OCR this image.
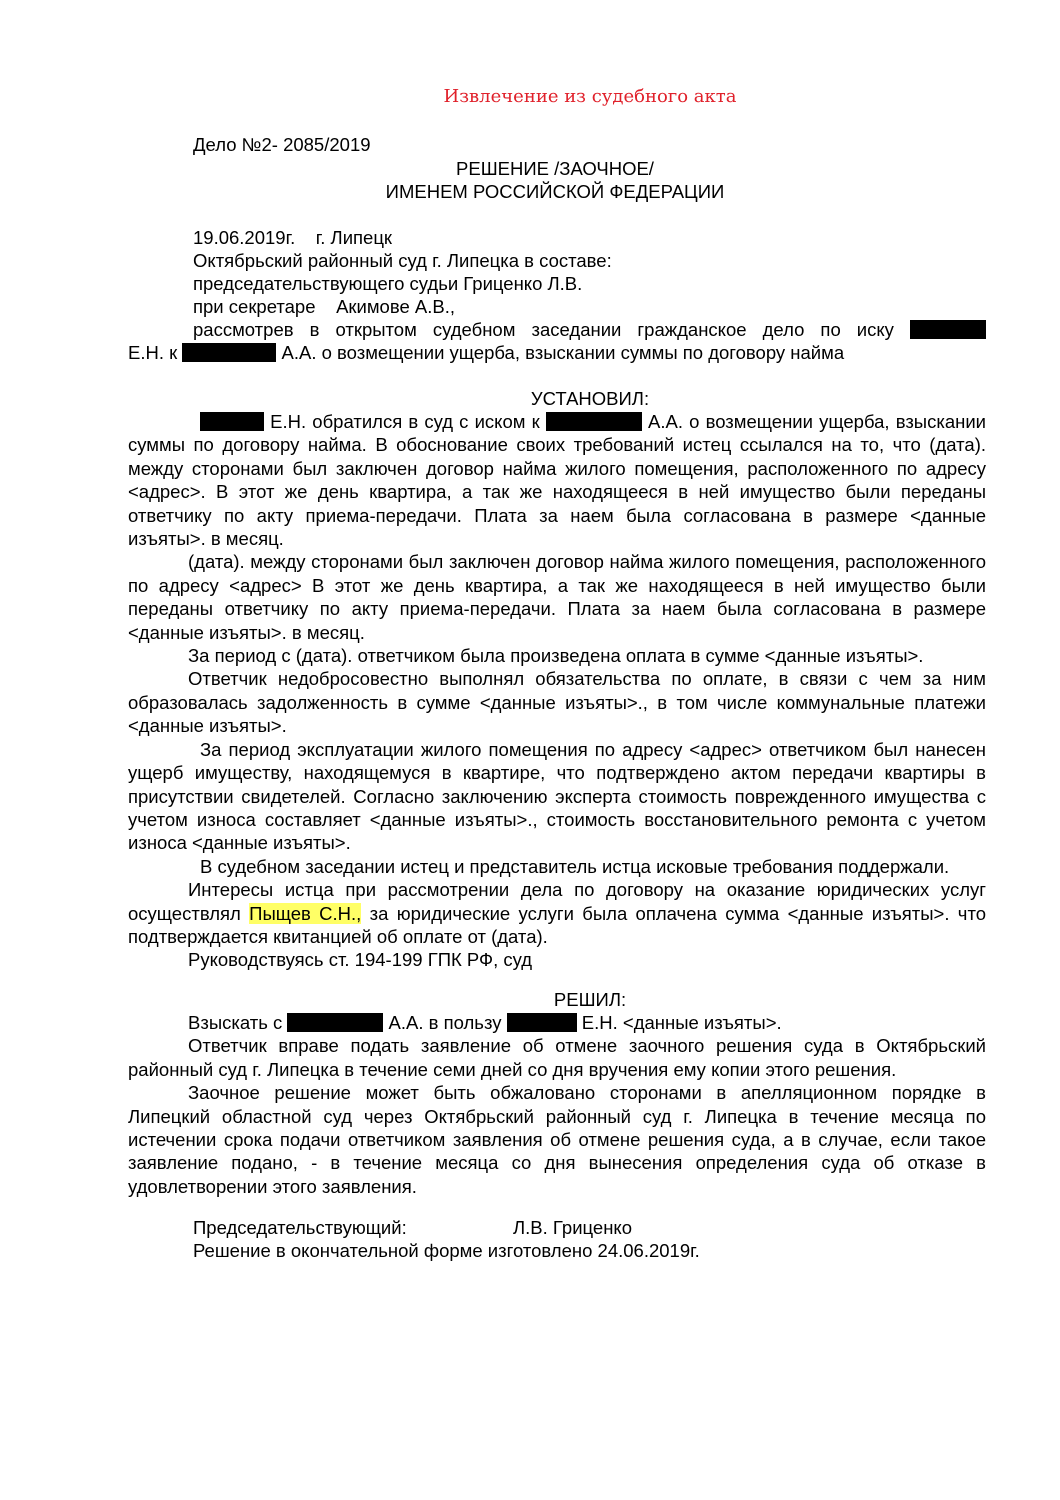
Извлечение из судебного акта
Дело №2- 2085/2019
РЕШЕНИЕ /ЗАОЧНОЕ/
ИМЕНЕМ РОССИЙСКОЙ ФЕДЕРАЦИИ
19.06.2019г.    г. Липецк
Октябрьский районный суд г. Липецка в составе:
председательствующего судьи Гриценко Л.В.
при секретаре    Акимове А.В.,
рассмотрев в открытом судебном заседании гражданское дело по иску
Е.Н. к	А.А. о возмещении ущерба, взыскании суммы по договору найма
УСТАНОВИЛ:

Е.Н. обратился в суд с иском к	А.А. о возмещении ущерба, взыскании суммы по договору найма. В обоснование своих требований истец ссылался на то, что (дата). между сторонами был заключен договор найма жилого помещения, расположенного по адресу <адрес>. В этот же день квартира, а так же находящееся в ней имущество были переданы ответчику по акту приема-передачи. Плата за наем была согласована в размере <данные изъяты>. в месяц.

(дата). между сторонами был заключен договор найма жилого помещения, расположенного по адресу <адрес> В этот же день квартира, а так же находящееся в ней имущество были переданы ответчику по акту приема-передачи. Плата за наем была согласована в размере <данные изъяты>. в месяц.

За период с (дата). ответчиком была произведена оплата в сумме <данные изъяты>.

Ответчик недобросовестно выполнял обязательства по оплате, в связи с чем за ним образовалась задолженность в сумме <данные изъяты>., в том числе коммунальные платежи <данные изъяты>.

За период эксплуатации жилого помещения по адресу <адрес> ответчиком был нанесен ущерб имуществу, находящемуся в квартире, что подтверждено актом передачи квартиры в присутствии свидетелей. Согласно заключению эксперта стоимость поврежденного имущества с учетом износа составляет <данные изъяты>., стоимость восстановительного ремонта с учетом износа <данные изъяты>.

В судебном заседании истец и представитель истца исковые требования поддержали.

Интересы истца при рассмотрении дела по договору на оказание юридических услуг осуществлял Пыщев С.Н., за юридические услуги была оплачена сумма <данные изъяты>. что подтверждается квитанцией об оплате от (дата).

Руководствуясь ст. 194-199 ГПК РФ, суд

РЕШИЛ:

Взыскать с	А.А. в пользу	Е.Н. <данные изъяты>.

Ответчик вправе подать заявление об отмене заочного решения суда в Октябрьский районный суд г. Липецка в течение семи дней со дня вручения ему копии этого решения.

Заочное решение может быть обжаловано сторонами в апелляционном порядке в Липецкий областной суд через Октябрьский районный суд г. Липецка в течение месяца по истечении срока подачи ответчиком заявления об отмене решения суда, а в случае, если такое заявление подано, - в течение месяца со дня вынесения определения суда об отказе в удовлетворении этого заявления.

Председательствующий:	Л.В. Гриценко
Решение в окончательной форме изготовлено 24.06.2019г.
